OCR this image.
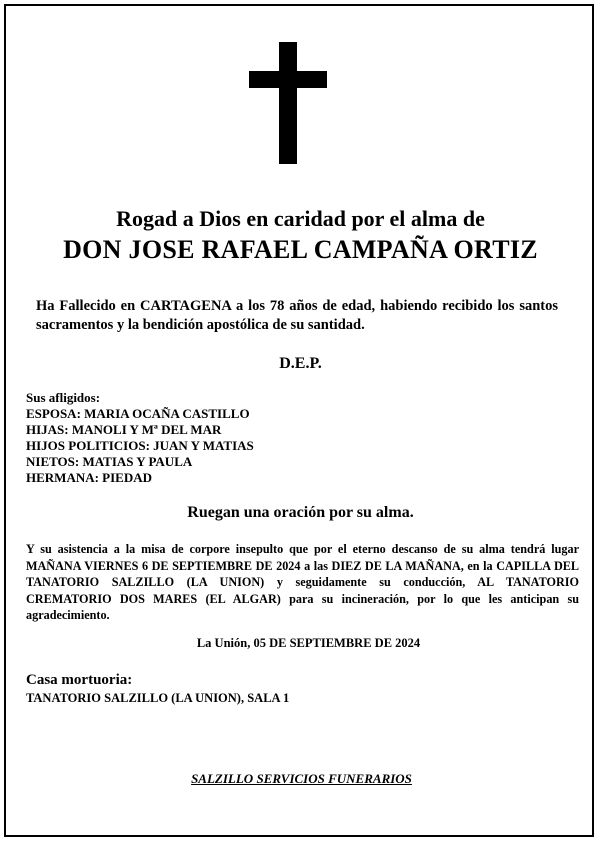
Rogad a Dios en caridad por el alma de
DON JOSE RAFAEL CAMPAÑA ORTIZ
Ha Fallecido en CARTAGENA a los 78 años de edad, habiendo recibido los santos sacramentos y la bendición apostólica de su santidad.
D.E.P.
Sus afligidos:
ESPOSA: MARIA OCAÑA CASTILLO
HIJAS: MANOLI Y Mª DEL MAR
HIJOS POLITICIOS: JUAN Y MATIAS
NIETOS: MATIAS Y PAULA
HERMANA: PIEDAD
Ruegan una oración por su alma.
Y su asistencia a la misa de corpore insepulto que por el eterno descanso de su alma tendrá lugar MAÑANA VIERNES 6 DE SEPTIEMBRE DE 2024 a las DIEZ DE LA MAÑANA, en la CAPILLA DEL TANATORIO SALZILLO (LA UNION) y seguidamente su conducción, AL TANATORIO CREMATORIO DOS MARES (EL ALGAR) para su incineración, por lo que les anticipan su agradecimiento.
La Unión, 05 DE SEPTIEMBRE DE 2024
Casa mortuoria:
TANATORIO SALZILLO (LA UNION), SALA 1
SALZILLO SERVICIOS FUNERARIOS
